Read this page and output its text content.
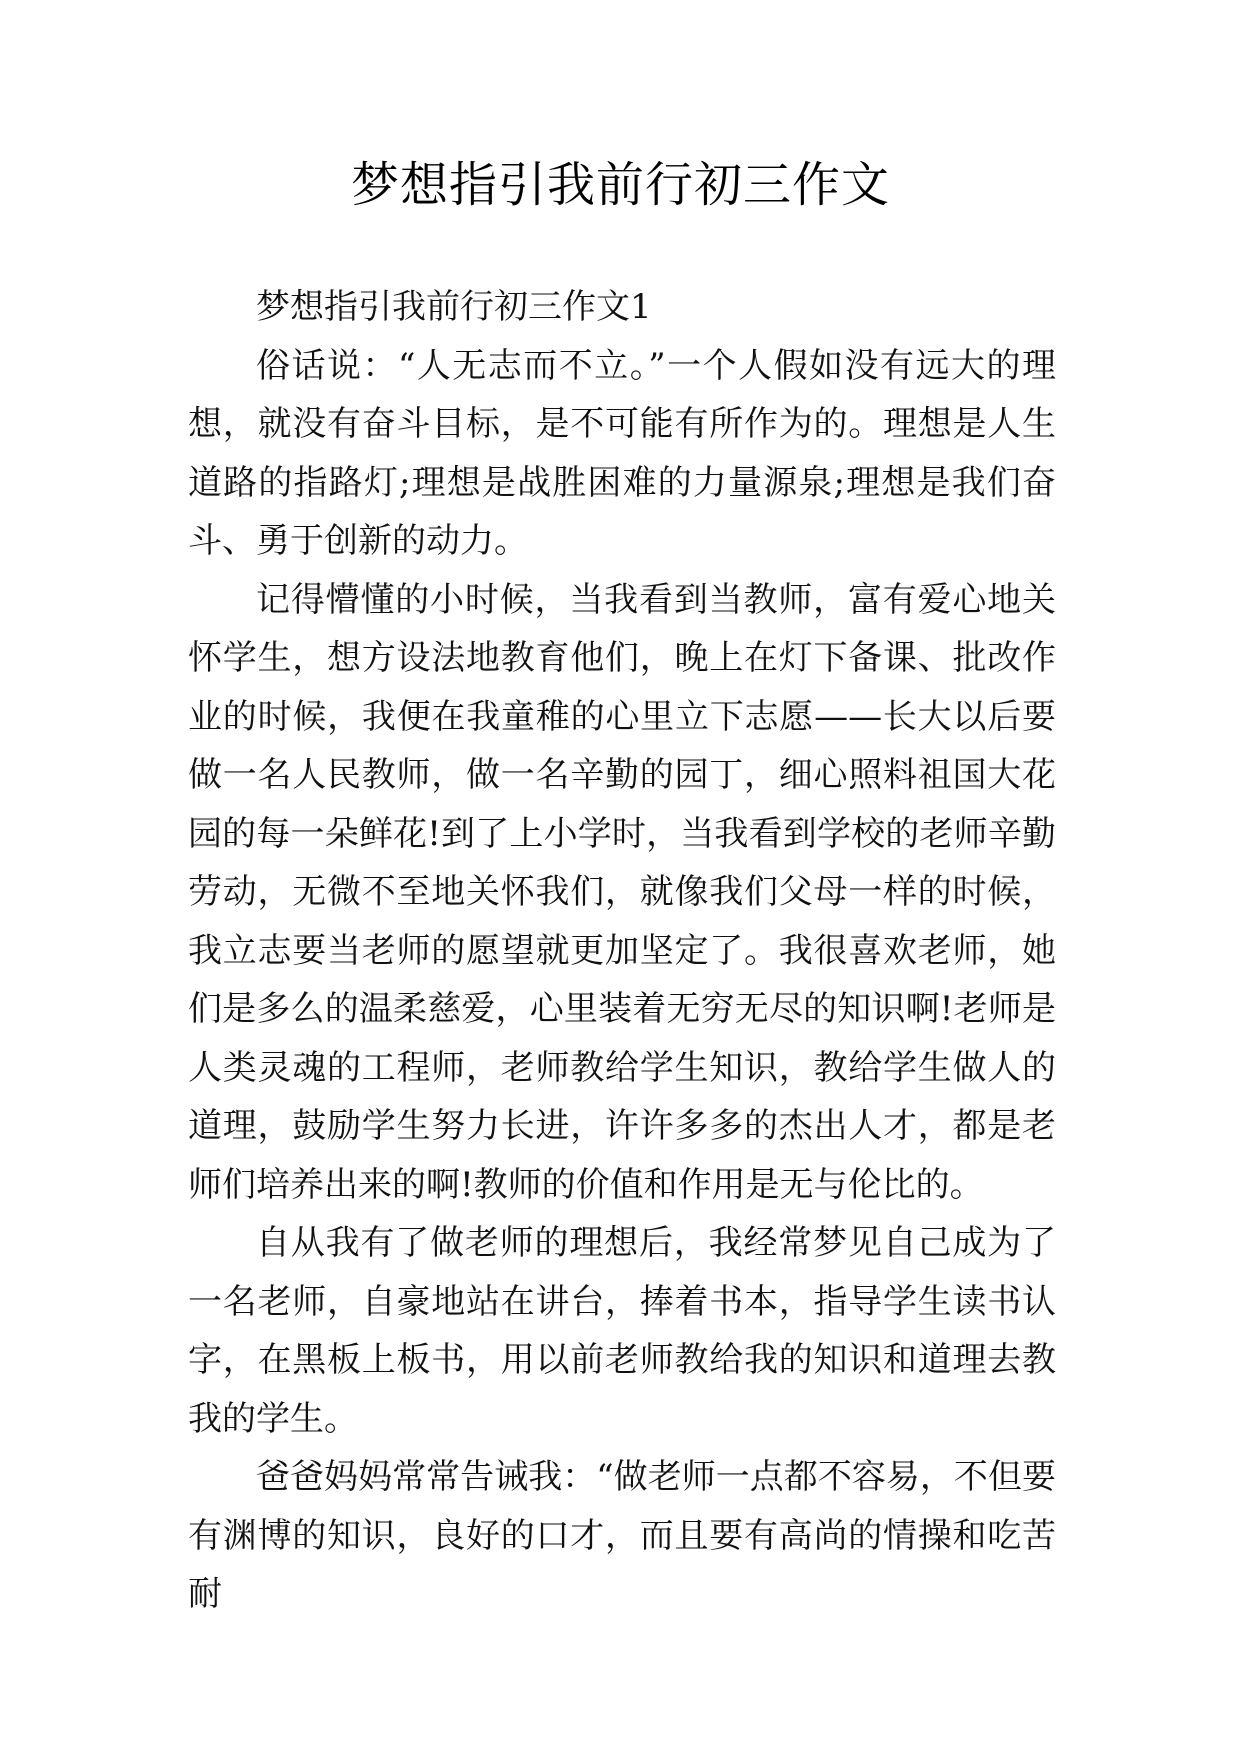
梦想指引我前行初三作文
梦想指引我前行初三作文1

俗话说：“人无志而不立。”一个人假如没有远大的理想，就没有奋斗目标，是不可能有所作为的。理想是人生道路的指路灯;理想是战胜困难的力量源泉;理想是我们奋斗、勇于创新的动力。

记得懵懂的小时候，当我看到当教师，富有爱心地关怀学生，想方设法地教育他们，晚上在灯下备课、批改作业的时候，我便在我童稚的心里立下志愿——长大以后要做一名人民教师，做一名辛勤的园丁，细心照料祖国大花园的每一朵鲜花!到了上小学时，当我看到学校的老师辛勤劳动，无微不至地关怀我们，就像我们父母一样的时候，我立志要当老师的愿望就更加坚定了。我很喜欢老师，她们是多么的温柔慈爱，心里装着无穷无尽的知识啊!老师是人类灵魂的工程师，老师教给学生知识，教给学生做人的道理，鼓励学生努力长进，许许多多的杰出人才，都是老师们培养出来的啊!教师的价值和作用是无与伦比的。

自从我有了做老师的理想后，我经常梦见自己成为了一名老师，自豪地站在讲台，捧着书本，指导学生读书认字，在黑板上板书，用以前老师教给我的知识和道理去教我的学生。

爸爸妈妈常常告诫我：“做老师一点都不容易，不但要有渊博的知识，良好的口才，而且要有高尚的情操和吃苦耐
